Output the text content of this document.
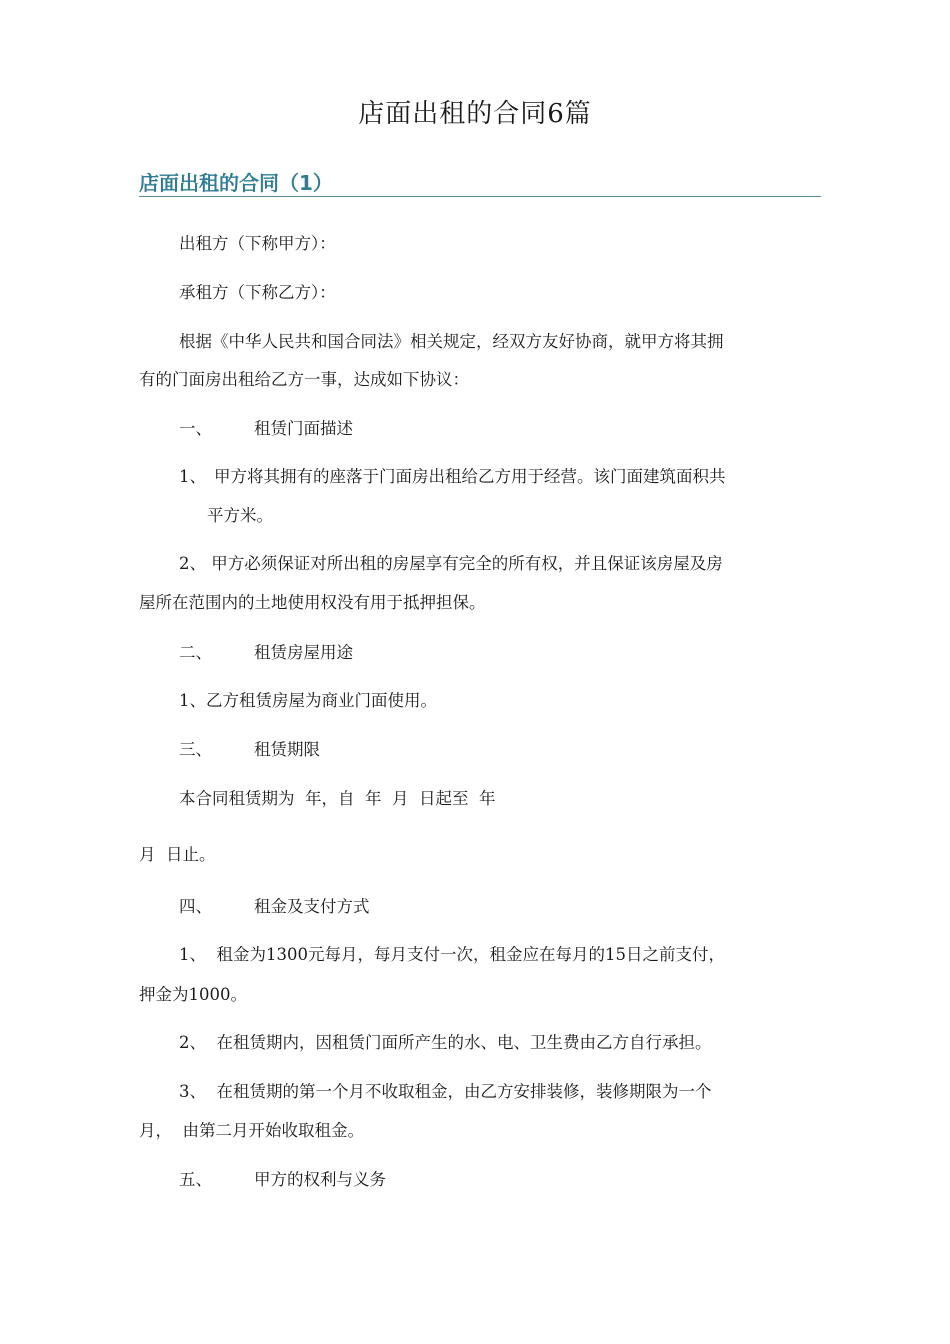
店面出租的合同6篇
店面出租的合同（1）

出租方（下称甲方）：

承租方（下称乙方）：

根据《中华人民共和国合同法》相关规定，经双方友好协商，就甲方将其拥

有的门面房出租给乙方一事，达成如下协议：

一、	租赁门面描述

1、 甲方将其拥有的座落于门面房出租给乙方用于经营。该门面建筑面积共

平方米。

2、 甲方必须保证对所出租的房屋享有完全的所有权，并且保证该房屋及房

屋所在范围内的土地使用权没有用于抵押担保。

二、	租赁房屋用途

1、乙方租赁房屋为商业门面使用。

三、	租赁期限

本合同租赁期为  年，自  年  月  日起至  年

月  日止。

四、	租金及支付方式

1、  租金为1300元每月，每月支付一次，租金应在每月的15日之前支付，

押金为1000。

2、  在租赁期内，因租赁门面所产生的水、电、卫生费由乙方自行承担。

3、  在租赁期的第一个月不收取租金，由乙方安排装修，装修期限为一个

月，  由第二月开始收取租金。

五、	甲方的权利与义务
